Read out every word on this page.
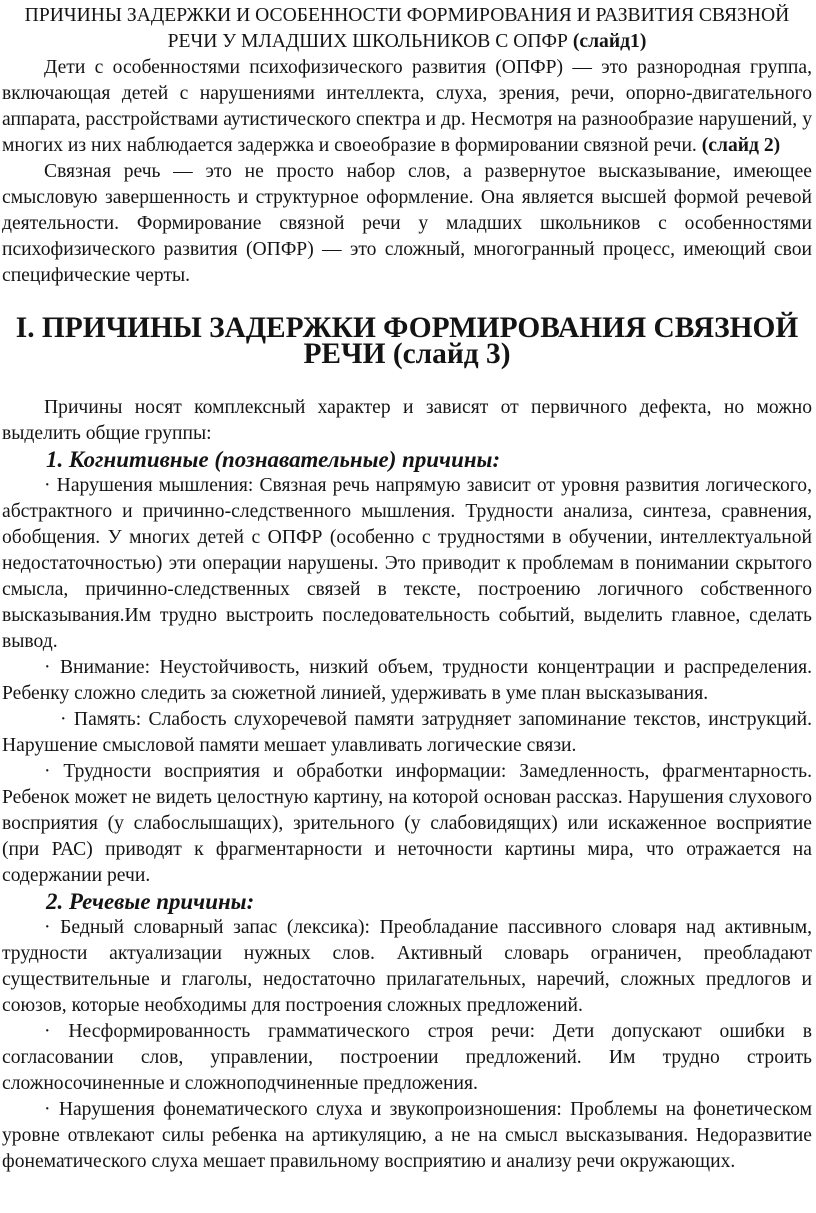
ПРИЧИНЫ ЗАДЕРЖКИ И ОСОБЕННОСТИ ФОРМИРОВАНИЯ И РАЗВИТИЯ СВЯЗНОЙ РЕЧИ У МЛАДШИХ ШКОЛЬНИКОВ С ОПФР (слайд1)

Дети с особенностями психофизического развития (ОПФР) — это разнородная группа, включающая детей с нарушениями интеллекта, слуха, зрения, речи, опорно-двигательного аппарата, расстройствами аутистического спектра и др. Несмотря на разнообразие нарушений, у многих из них наблюдается задержка и своеобразие в формировании связной речи. (слайд 2)

Связная речь — это не просто набор слов, а развернутое высказывание, имеющее смысловую завершенность и структурное оформление. Она является высшей формой речевой деятельности. Формирование связной речи у младших школьников с особенностями психофизического развития (ОПФР) — это сложный, многогранный процесс, имеющий свои специфические черты.

I. ПРИЧИНЫ ЗАДЕРЖКИ ФОРМИРОВАНИЯ СВЯЗНОЙ РЕЧИ (слайд 3)

Причины носят комплексный характер и зависят от первичного дефекта, но можно выделить общие группы:

1. Когнитивные (познавательные) причины:

· Нарушения мышления: Связная речь напрямую зависит от уровня развития логического, абстрактного и причинно-следственного мышления. Трудности анализа, синтеза, сравнения, обобщения. У многих детей с ОПФР (особенно с трудностями в обучении, интеллектуальной недостаточностью) эти операции нарушены. Это приводит к проблемам в понимании скрытого смысла, причинно-следственных связей в тексте, построению логичного собственного высказывания.Им трудно выстроить последовательность событий, выделить главное, сделать вывод.

· Внимание: Неустойчивость, низкий объем, трудности концентрации и распределения. Ребенку сложно следить за сюжетной линией, удерживать в уме план высказывания.

· Память: Слабость слухоречевой памяти затрудняет запоминание текстов, инструкций. Нарушение смысловой памяти мешает улавливать логические связи.

· Трудности восприятия и обработки информации: Замедленность, фрагментарность. Ребенок может не видеть целостную картину, на которой основан рассказ. Нарушения слухового восприятия (у слабослышащих), зрительного (у слабовидящих) или искаженное восприятие (при РАС) приводят к фрагментарности и неточности картины мира, что отражается на содержании речи.

2. Речевые причины:

· Бедный словарный запас (лексика): Преобладание пассивного словаря над активным, трудности актуализации нужных слов. Активный словарь ограничен, преобладают существительные и глаголы, недостаточно прилагательных, наречий, сложных предлогов и союзов, которые необходимы для построения сложных предложений.

· Несформированность грамматического строя речи: Дети допускают ошибки в согласовании слов, управлении, построении предложений. Им трудно строить сложносочиненные и сложноподчиненные предложения.

· Нарушения фонематического слуха и звукопроизношения: Проблемы на фонетическом уровне отвлекают силы ребенка на артикуляцию, а не на смысл высказывания. Недоразвитие фонематического слуха мешает правильному восприятию и анализу речи окружающих.
